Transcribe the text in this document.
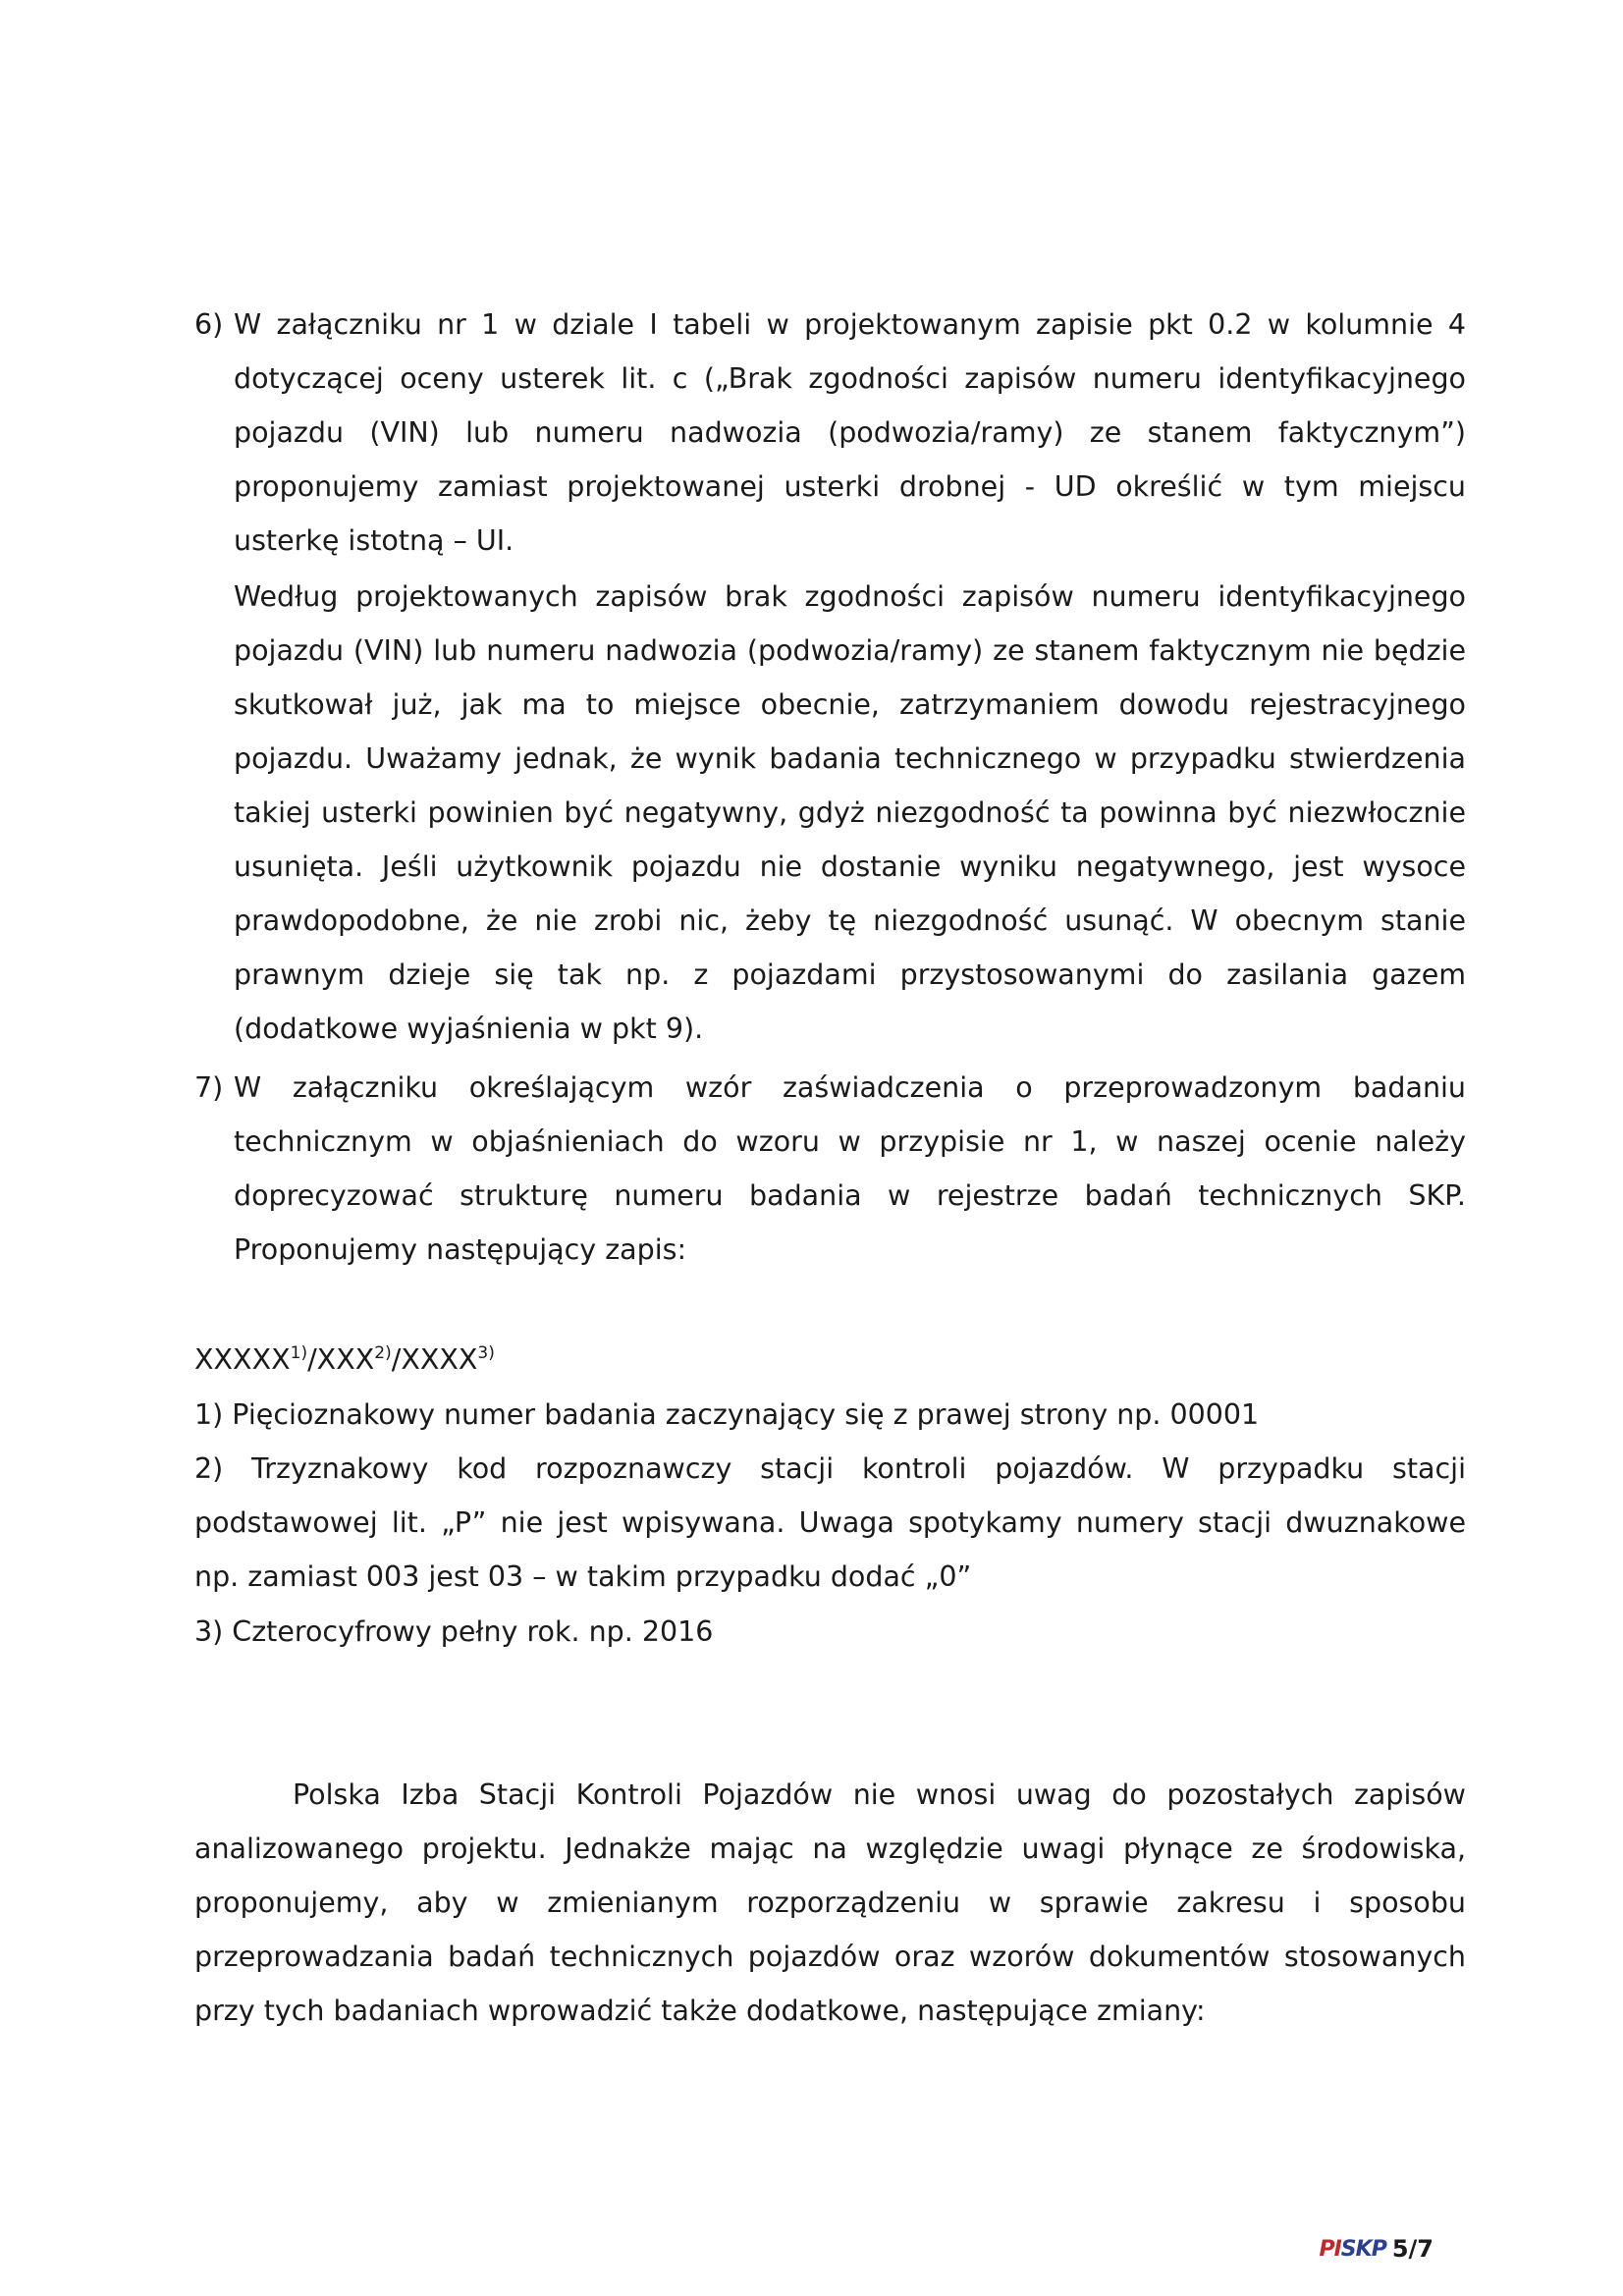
6) W załączniku nr 1 w dziale I tabeli w projektowanym zapisie pkt 0.2 w kolumnie 4 dotyczącej oceny usterek lit. c („Brak zgodności zapisów numeru identyfikacyjnego pojazdu (VIN) lub numeru nadwozia (podwozia/ramy) ze stanem faktycznym”) proponujemy zamiast projektowanej usterki drobnej - UD określić w tym miejscu usterkę istotną – UI.
Według projektowanych zapisów brak zgodności zapisów numeru identyfikacyjnego pojazdu (VIN) lub numeru nadwozia (podwozia/ramy) ze stanem faktycznym nie będzie skutkował już, jak ma to miejsce obecnie, zatrzymaniem dowodu rejestracyjnego pojazdu. Uważamy jednak, że wynik badania technicznego w przypadku stwierdzenia takiej usterki powinien być negatywny, gdyż niezgodność ta powinna być niezwłocznie usunięta. Jeśli użytkownik pojazdu nie dostanie wyniku negatywnego, jest wysoce prawdopodobne, że nie zrobi nic, żeby tę niezgodność usunąć. W obecnym stanie prawnym dzieje się tak np. z pojazdami przystosowanymi do zasilania gazem (dodatkowe wyjaśnienia w pkt 9).
7) W załączniku określającym wzór zaświadczenia o przeprowadzonym badaniu technicznym w objaśnieniach do wzoru w przypisie nr 1, w naszej ocenie należy doprecyzować strukturę numeru badania w rejestrze badań technicznych SKP. Proponujemy następujący zapis:
XXXXX$^{1)}$/XXX$^{2)}$/XXXX$^{3)}$
1) Pięcioznakowy numer badania zaczynający się z prawej strony np. 00001
2) Trzyznakowy kod rozpoznawczy stacji kontroli pojazdów. W przypadku stacji podstawowej lit. „P” nie jest wpisywana. Uwaga spotykamy numery stacji dwuznakowe np. zamiast 003 jest 03 – w takim przypadku dodać „0”
3) Czterocyfrowy pełny rok. np. 2016
Polska Izba Stacji Kontroli Pojazdów nie wnosi uwag do pozostałych zapisów analizowanego projektu. Jednakże mając na względzie uwagi płynące ze środowiska, proponujemy, aby w zmienianym rozporządzeniu w sprawie zakresu i sposobu przeprowadzania badań technicznych pojazdów oraz wzorów dokumentów stosowanych przy tych badaniach wprowadzić także dodatkowe, następujące zmiany:
PISKP 5/7
